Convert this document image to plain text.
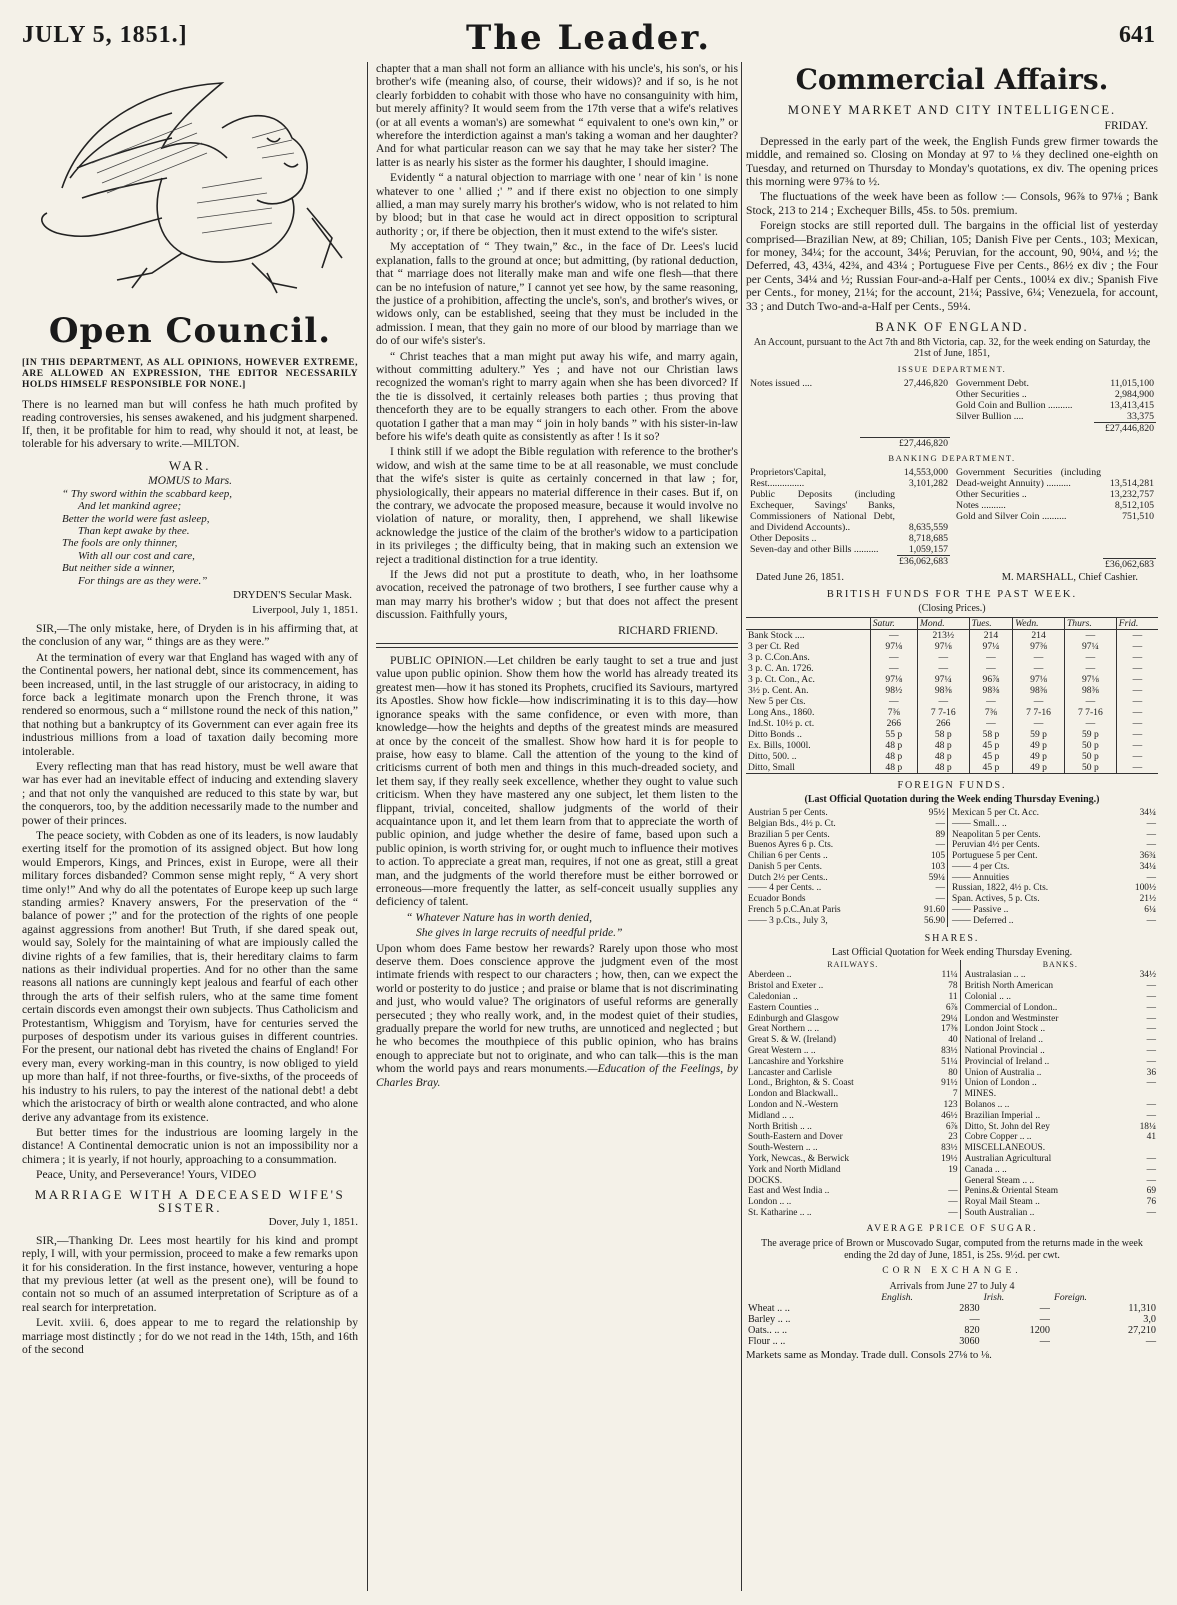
JULY 5, 1851.]	The Leader.	641
Open Council.

[IN THIS DEPARTMENT, AS ALL OPINIONS, HOWEVER EXTREME, ARE ALLOWED AN EXPRESSION, THE EDITOR NECESSARILY HOLDS HIMSELF RESPONSIBLE FOR NONE.]

There is no learned man but will confess he hath much profited by reading controversies, his senses awakened, and his judgment sharpened. If, then, it be profitable for him to read, why should it not, at least, be tolerable for his adversary to write.—MILTON.

WAR.

MOMUS to Mars.

“ Thy sword within the scabbard keep,

And let mankind agree;

Better the world were fast asleep,

Than kept awake by thee.

The fools are only thinner,

With all our cost and care,

But neither side a winner,

For things are as they were.”

DRYDEN'S Secular Mask.

Liverpool, July 1, 1851.

SIR,—The only mistake, here, of Dryden is in his affirming that, at the conclusion of any war, “ things are as they were.”

At the termination of every war that England has waged with any of the Continental powers, her national debt, since its commencement, has been increased, until, in the last struggle of our aristocracy, in aiding to force back a legitimate monarch upon the French throne, it was rendered so enormous, such a “ millstone round the neck of this nation,” that nothing but a bankruptcy of its Government can ever again free its industrious millions from a load of taxation daily becoming more intolerable.

Every reflecting man that has read history, must be well aware that war has ever had an inevitable effect of inducing and extending slavery ; and that not only the vanquished are reduced to this state by war, but the conquerors, too, by the addition necessarily made to the number and power of their princes.

The peace society, with Cobden as one of its leaders, is now laudably exerting itself for the promotion of its assigned object. But how long would Emperors, Kings, and Princes, exist in Europe, were all their military forces disbanded? Common sense might reply, “ A very short time only!” And why do all the potentates of Europe keep up such large standing armies? Knavery answers, For the preservation of the “ balance of power ;” and for the protection of the rights of one people against aggressions from another! But Truth, if she dared speak out, would say, Solely for the maintaining of what are impiously called the divine rights of a few families, that is, their hereditary claims to farm nations as their individual properties. And for no other than the same reasons all nations are cunningly kept jealous and fearful of each other through the arts of their selfish rulers, who at the same time foment certain discords even amongst their own subjects. Thus Catholicism and Protestantism, Whiggism and Toryism, have for centuries served the purposes of despotism under its various guises in different countries. For the present, our national debt has riveted the chains of England! For every man, every working-man in this country, is now obliged to yield up more than half, if not three-fourths, or five-sixths, of the proceeds of his industry to his rulers, to pay the interest of the national debt! a debt which the aristocracy of birth or wealth alone contracted, and who alone derive any advantage from its existence.

But better times for the industrious are looming largely in the distance! A Continental democratic union is not an impossibility nor a chimera ; it is yearly, if not hourly, approaching to a consummation.

Peace, Unity, and Perseverance! Yours, VIDEO

MARRIAGE WITH A DECEASED WIFE'S SISTER.

Dover, July 1, 1851.

SIR,—Thanking Dr. Lees most heartily for his kind and prompt reply, I will, with your permission, proceed to make a few remarks upon it for his consideration. In the first instance, however, venturing a hope that my previous letter (at well as the present one), will be found to contain not so much of an assumed interpretation of Scripture as of a real search for interpretation.

Levit. xviii. 6, does appear to me to regard the relationship by marriage most distinctly ; for do we not read in the 14th, 15th, and 16th of the second

chapter that a man shall not form an alliance with his uncle's, his son's, or his brother's wife (meaning also, of course, their widows)? and if so, is he not clearly forbidden to cohabit with those who have no consanguinity with him, but merely affinity? It would seem from the 17th verse that a wife's relatives (or at all events a woman's) are somewhat “ equivalent to one's own kin,” or wherefore the interdiction against a man's taking a woman and her daughter? And for what particular reason can we say that he may take her sister? The latter is as nearly his sister as the former his daughter, I should imagine.

Evidently “ a natural objection to marriage with one ' near of kin ' is none whatever to one ' allied ;' ” and if there exist no objection to one simply allied, a man may surely marry his brother's widow, who is not related to him by blood; but in that case he would act in direct opposition to scriptural authority ; or, if there be objection, then it must extend to the wife's sister.

My acceptation of “ They twain,” &c., in the face of Dr. Lees's lucid explanation, falls to the ground at once; but admitting, (by rational deduction, that “ marriage does not literally make man and wife one flesh—that there can be no intefusion of nature,” I cannot yet see how, by the same reasoning, the justice of a prohibition, affecting the uncle's, son's, and brother's wives, or widows only, can be established, seeing that they must be included in the admission. I mean, that they gain no more of our blood by marriage than we do of our wife's sister's.

“ Christ teaches that a man might put away his wife, and marry again, without committing adultery.” Yes ; and have not our Christian laws recognized the woman's right to marry again when she has been divorced? If the tie is dissolved, it certainly releases both parties ; thus proving that thenceforth they are to be equally strangers to each other. From the above quotation I gather that a man may “ join in holy bands ” with his sister-in-law before his wife's death quite as consistently as after ! Is it so?

I think still if we adopt the Bible regulation with reference to the brother's widow, and wish at the same time to be at all reasonable, we must conclude that the wife's sister is quite as certainly concerned in that law ; for, physiologically, their appears no material difference in their cases. But if, on the contrary, we advocate the proposed measure, because it would involve no violation of nature, or morality, then, I apprehend, we shall likewise acknowledge the justice of the claim of the brother's widow to a participation in its privileges ; the difficulty being, that in making such an extension we reject a traditional distinction for a true identity.

If the Jews did not put a prostitute to death, who, in her loathsome avocation, received the patronage of two brothers, I see further cause why a man may marry his brother's widow ; but that does not affect the present discussion. Faithfully yours,

RICHARD FRIEND.

PUBLIC OPINION.—Let children be early taught to set a true and just value upon public opinion. Show them how the world has already treated its greatest men—how it has stoned its Prophets, crucified its Saviours, martyred its Apostles. Show how fickle—how indiscriminating it is to this day—how ignorance speaks with the same confidence, or even with more, than knowledge—how the heights and depths of the greatest minds are measured at once by the conceit of the smallest. Show how hard it is for people to praise, how easy to blame. Call the attention of the young to the kind of criticisms current of both men and things in this much-dreaded society, and let them say, if they really seek excellence, whether they ought to value such criticism. When they have mastered any one subject, let them listen to the flippant, trivial, conceited, shallow judgments of the world of their acquaintance upon it, and let them learn from that to appreciate the worth of public opinion, and judge whether the desire of fame, based upon such a public opinion, is worth striving for, or ought much to influence their motives to action. To appreciate a great man, requires, if not one as great, still a great man, and the judgments of the world therefore must be either borrowed or erroneous—more frequently the latter, as self-conceit usually supplies any deficiency of talent.

“ Whatever Nature has in worth denied,

She gives in large recruits of needful pride.”

Upon whom does Fame bestow her rewards? Rarely upon those who most deserve them. Does conscience approve the judgment even of the most intimate friends with respect to our characters ; how, then, can we expect the world or posterity to do justice ; and praise or blame that is not discriminating and just, who would value? The originators of useful reforms are generally persecuted ; they who really work, and, in the modest quiet of their studies, gradually prepare the world for new truths, are unnoticed and neglected ; but he who becomes the mouthpiece of this public opinion, who has brains enough to appreciate but not to originate, and who can talk—this is the man whom the world pays and rears monuments.—Education of the Feelings, by Charles Bray.

Commercial Affairs.
MONEY MARKET AND CITY INTELLIGENCE.

FRIDAY.

Depressed in the early part of the week, the English Funds grew firmer towards the middle, and remained so. Closing on Monday at 97 to ⅛ they declined one-eighth on Tuesday, and returned on Thursday to Monday's quotations, ex div. The opening prices this morning were 97⅜ to ½.

The fluctuations of the week have been as follow :— Consols, 96⅞ to 97⅛ ; Bank Stock, 213 to 214 ; Exchequer Bills, 45s. to 50s. premium.

Foreign stocks are still reported dull. The bargains in the official list of yesterday comprised—Brazilian New, at 89; Chilian, 105; Danish Five per Cents., 103; Mexican, for money, 34¼; for the account, 34⅛; Peruvian, for the account, 90, 90¼, and ½; the Deferred, 43, 43¼, 42¾, and 43¼ ; Portuguese Five per Cents., 86½ ex div ; the Four per Cents, 34¼ and ½; Russian Four-and-a-Half per Cents., 100¼ ex div.; Spanish Five per Cents., for money, 21¼; for the account, 21¼; Passive, 6¼; Venezuela, for account, 33 ; and Dutch Two-and-a-Half per Cents., 59¼.

BANK OF ENGLAND.

An Account, pursuant to the Act 7th and 8th Victoria, cap. 32, for the week ending on Saturday, the 21st of June, 1851,

ISSUE DEPARTMENT.
Notes issued ....	27,446,820

	£27,446,820

Government Debt.	11,015,100
Other Securities ..	2,984,900
Gold Coin and Bullion ..........	13,413,415
Silver Bullion ....	33,375
	£27,446,820
BANKING DEPARTMENT.
Proprietors'Capital,	14,553,000
Rest...............	3,101,282
Public Deposits (including Exchequer, Savings' Banks, Commissioners of National Debt, and Dividend Accounts)..	8,635,559
Other Deposits ..	8,718,685
Seven-day and other Bills ..........	1,059,157
	£36,062,683

Government Securities (including Dead-weight Annuity) ..........	13,514,281
Other Securities ..	13,232,757
Notes ..........	8,512,105
Gold and Silver Coin ..........	751,510

	£36,062,683
Dated June 26, 1851.	M. MARSHALL, Chief Cashier.
BRITISH FUNDS FOR THE PAST WEEK.

(Closing Prices.)

	Satur.	Mond.	Tues.	Wedn.	Thurs.	Frid.
Bank Stock ....	—	213½	214	214	—	—
3 per Ct. Red	97⅛	97⅛	97¼	97⅜	97¼	—
3 p. C.Con.Ans.	—	—	—	—	—	—
3 p. C. An. 1726.	—	—	—	—	—	—
3 p. Ct. Con., Ac.	97⅛	97¼	96⅞	97⅛	97⅛	—
3½ p. Cent. An.	98½	98⅜	98⅜	98⅜	98⅜	—
New 5 per Cts.	—	—	—	—	—	—
Long Ans., 1860.	7⅜	7 7-16	7⅜	7 7-16	7 7-16	—
Ind.St. 10½ p. ct.	266	266	—	—	—	—
Ditto Bonds ..	55 p	58 p	58 p	59 p	59 p	—
Ex. Bills, 1000l.	48 p	48 p	45 p	49 p	50 p	—
Ditto, 500. ..	48 p	48 p	45 p	49 p	50 p	—
Ditto, Small	48 p	48 p	45 p	49 p	50 p	—
FOREIGN FUNDS.

(Last Official Quotation during the Week ending Thursday Evening.)

Austrian 5 per Cents.	95½	Mexican 5 per Ct. Acc.	34¼
Belgian Bds., 4½ p. Ct.	—	—— Small.. ..	—
Brazilian 5 per Cents.	89	Neapolitan 5 per Cents.	—
Buenos Ayres 6 p. Cts.	—	Peruvian 4½ per Cents.	—
Chilian 6 per Cents ..	105	Portuguese 5 per Cent.	36¾
Danish 5 per Cents.	103	—— 4 per Cts.	34¼
Dutch 2½ per Cents..	59¼	—— Annuities	—
—— 4 per Cents. ..	—	Russian, 1822, 4½ p. Cts.	100½
Ecuador Bonds	—	Span. Actives, 5 p. Cts.	21½
French 5 p.C.An.at Paris	91.60	—— Passive ..	6¼
—— 3 p.Cts., July 3,	56.90	—— Deferred ..	—
SHARES.

Last Official Quotation for Week ending Thursday Evening.

RAILWAYS.		BANKS.	
Aberdeen ..	11¼	Australasian .. ..	34½
Bristol and Exeter ..	78	British North American	—
Caledonian ..	11	Colonial .. ..	—
Eastern Counties ..	6⅞	Commercial of London..	—
Edinburgh and Glasgow	29¼	London and Westminster	—
Great Northern .. ..	17⅜	London Joint Stock ..	—
Great S. & W. (Ireland)	40	National of Ireland ..	—
Great Western .. ..	83½	National Provincial ..	—
Lancashire and Yorkshire	51¼	Provincial of Ireland ..	—
Lancaster and Carlisle	80	Union of Australia ..	36
Lond., Brighton, & S. Coast	91½	Union of London ..	—
London and Blackwall..	7	MINES.	
London and N.-Western	123	Bolanos .. ..	—
Midland .. ..	46½	Brazilian Imperial ..	—
North British .. ..	6⅞	Ditto, St. John del Rey	18¼
South-Eastern and Dover	23	Cobre Copper .. ..	41
South-Western .. ..	83½	MISCELLANEOUS.	
York, Newcas., & Berwick	19½	Australian Agricultural	—
York and North Midland	19	Canada .. ..	—
DOCKS.		General Steam .. ..	—
East and West India ..	—	Penins.& Oriental Steam	69
London .. ..	—	Royal Mail Steam ..	76
St. Katharine .. ..	—	South Australian ..	—
AVERAGE PRICE OF SUGAR.

The average price of Brown or Muscovado Sugar, computed from the returns made in the week ending the 2d day of June, 1851, is 25s. 9½d. per cwt.

CORN EXCHANGE.

Arrivals from June 27 to July 4

	English.	Irish.	Foreign.
Wheat .. ..	2830	—	11,310
Barley .. ..	—	—	3,0
Oats.. .. ..	820	1200	27,210
Flour .. ..	3060	—	—

Markets same as Monday. Trade dull. Consols 27⅛ to ⅛.
